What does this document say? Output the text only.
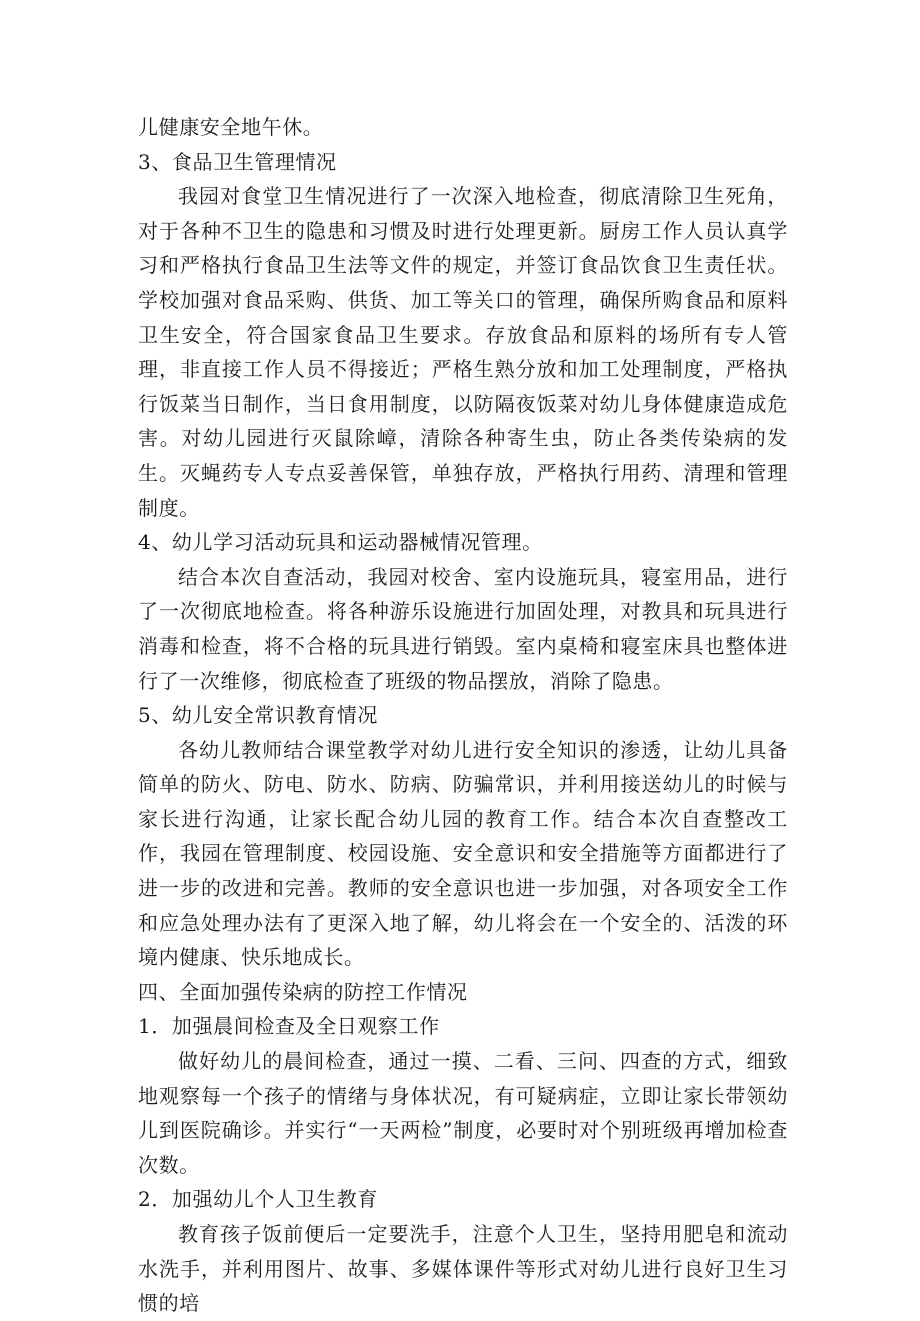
儿健康安全地午休。

3、食品卫生管理情况

我园对食堂卫生情况进行了一次深入地检查，彻底清除卫生死角，对于各种不卫生的隐患和习惯及时进行处理更新。厨房工作人员认真学习和严格执行食品卫生法等文件的规定，并签订食品饮食卫生责任状。学校加强对食品采购、供货、加工等关口的管理，确保所购食品和原料卫生安全，符合国家食品卫生要求。存放食品和原料的场所有专人管理，非直接工作人员不得接近；严格生熟分放和加工处理制度，严格执行饭菜当日制作，当日食用制度，以防隔夜饭菜对幼儿身体健康造成危害。对幼儿园进行灭鼠除嶂，清除各种寄生虫，防止各类传染病的发生。灭蝇药专人专点妥善保管，单独存放，严格执行用药、清理和管理制度。

4、幼儿学习活动玩具和运动器械情况管理。

结合本次自查活动，我园对校舍、室内设施玩具，寝室用品，进行了一次彻底地检查。将各种游乐设施进行加固处理，对教具和玩具进行消毒和检查，将不合格的玩具进行销毁。室内桌椅和寝室床具也整体进行了一次维修，彻底检查了班级的物品摆放，消除了隐患。

5、幼儿安全常识教育情况

各幼儿教师结合课堂教学对幼儿进行安全知识的渗透，让幼儿具备简单的防火、防电、防水、防病、防骗常识，并利用接送幼儿的时候与家长进行沟通，让家长配合幼儿园的教育工作。结合本次自查整改工作，我园在管理制度、校园设施、安全意识和安全措施等方面都进行了进一步的改进和完善。教师的安全意识也进一步加强，对各项安全工作和应急处理办法有了更深入地了解，幼儿将会在一个安全的、活泼的环境内健康、快乐地成长。

四、全面加强传染病的防控工作情况

1．加强晨间检查及全日观察工作

做好幼儿的晨间检查，通过一摸、二看、三问、四查的方式，细致地观察每一个孩子的情绪与身体状况，有可疑病症，立即让家长带领幼儿到医院确诊。并实行“一天两检”制度，必要时对个别班级再增加检查次数。

2．加强幼儿个人卫生教育

教育孩子饭前便后一定要洗手，注意个人卫生，坚持用肥皂和流动水洗手，并利用图片、故事、多媒体课件等形式对幼儿进行良好卫生习惯的培
